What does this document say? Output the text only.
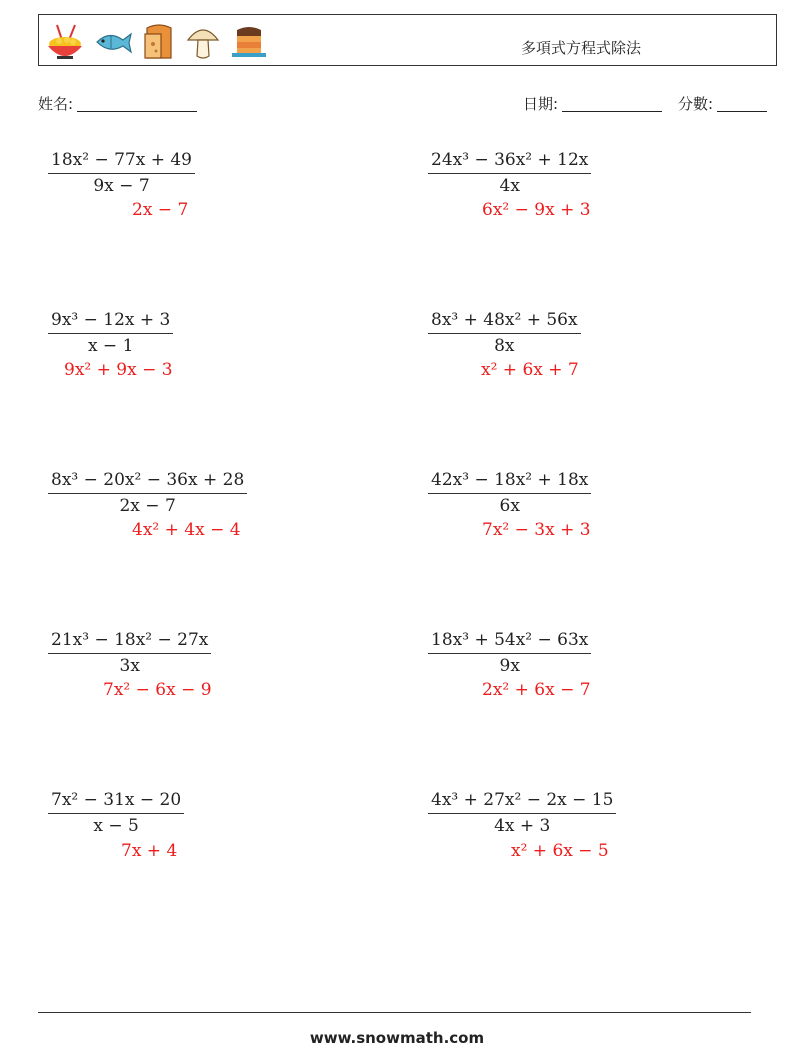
多項式方程式除法
姓名:	日期:	分數:
$\frac{\text{18x² − 77x + 49}}{9x - 7}$
2x − 7
$\frac{\text{24x³ − 36x² + 12x}}{4x}$
6x² − 9x + 3
$\frac{\text{9x³ − 12x + 3}}{x - 1}$
9x² + 9x − 3
$\frac{\text{8x³ + 48x² + 56x}}{8x}$
x² + 6x + 7
$\frac{\text{8x³ − 20x² − 36x + 28}}{2x - 7}$
4x² + 4x − 4
$\frac{\text{42x³ − 18x² + 18x}}{6x}$
7x² − 3x + 3
$\frac{\text{21x³ − 18x² − 27x}}{3x}$
7x² − 6x − 9
$\frac{\text{18x³ + 54x² − 63x}}{9x}$
2x² + 6x − 7
$\frac{\text{7x² − 31x − 20}}{x - 5}$
7x + 4
$\frac{\text{4x³ + 27x² − 2x − 15}}{4x + 3}$
x² + 6x − 5
www.snowmath.com
